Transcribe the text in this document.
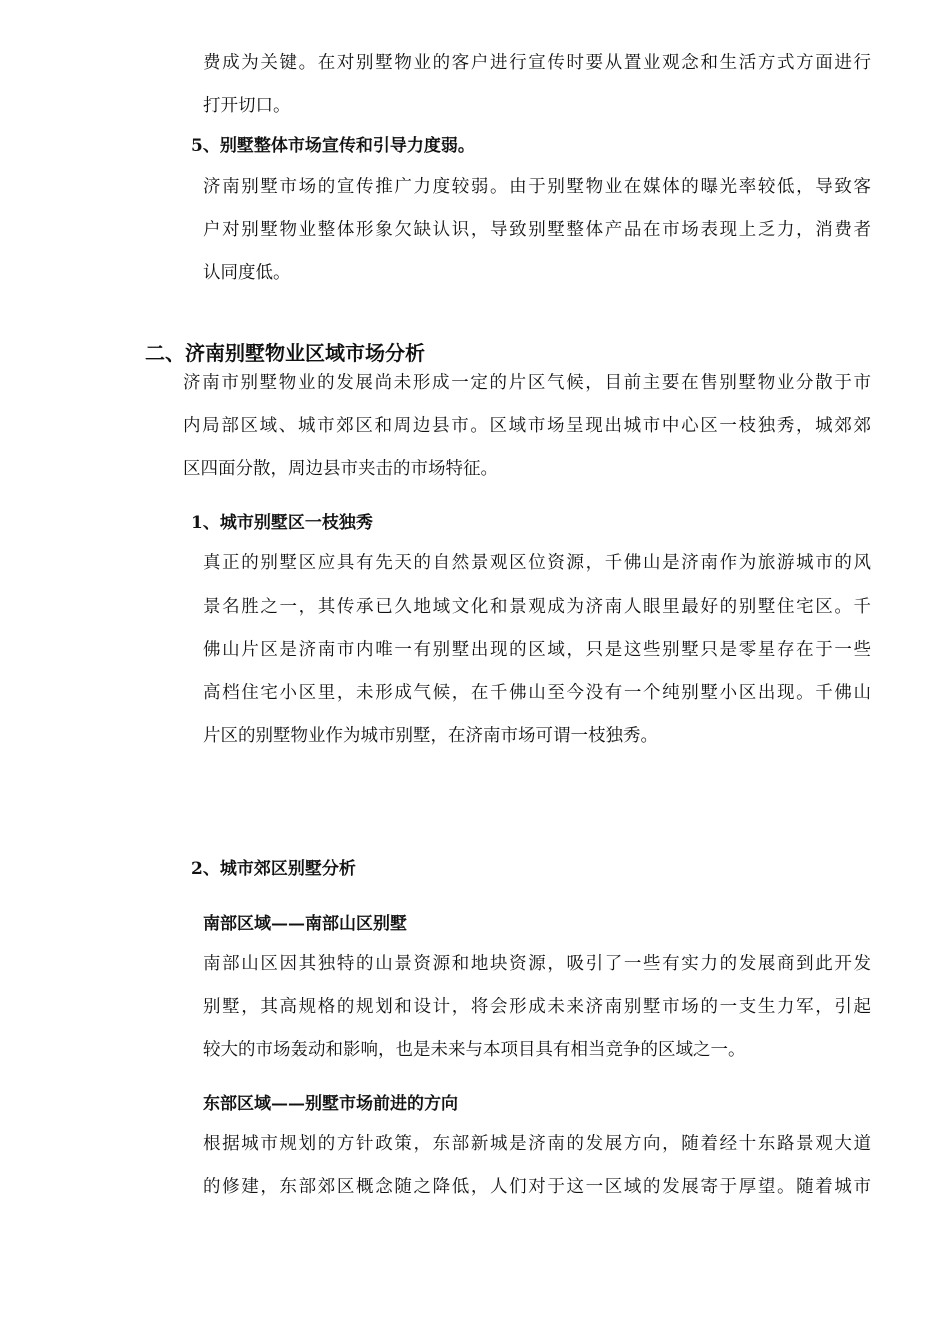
费成为关键。在对别墅物业的客户进行宣传时要从置业观念和生活方式方面进行

打开切口。

5、别墅整体市场宣传和引导力度弱。

济南别墅市场的宣传推广力度较弱。由于别墅物业在媒体的曝光率较低，导致客

户对别墅物业整体形象欠缺认识，导致别墅整体产品在市场表现上乏力，消费者

认同度低。

二、济南别墅物业区域市场分析

济南市别墅物业的发展尚未形成一定的片区气候，目前主要在售别墅物业分散于市

内局部区域、城市郊区和周边县市。区域市场呈现出城市中心区一枝独秀，城郊郊

区四面分散，周边县市夹击的市场特征。

1、城市别墅区一枝独秀

真正的别墅区应具有先天的自然景观区位资源，千佛山是济南作为旅游城市的风

景名胜之一，其传承已久地域文化和景观成为济南人眼里最好的别墅住宅区。千

佛山片区是济南市内唯一有别墅出现的区域，只是这些别墅只是零星存在于一些

高档住宅小区里，未形成气候，在千佛山至今没有一个纯别墅小区出现。千佛山

片区的别墅物业作为城市别墅，在济南市场可谓一枝独秀。

2、城市郊区别墅分析

南部区域——南部山区别墅

南部山区因其独特的山景资源和地块资源，吸引了一些有实力的发展商到此开发

别墅，其高规格的规划和设计，将会形成未来济南别墅市场的一支生力军，引起

较大的市场轰动和影响，也是未来与本项目具有相当竞争的区域之一。

东部区域——别墅市场前进的方向

根据城市规划的方针政策，东部新城是济南的发展方向，随着经十东路景观大道

的修建，东部郊区概念随之降低，人们对于这一区域的发展寄于厚望。随着城市
